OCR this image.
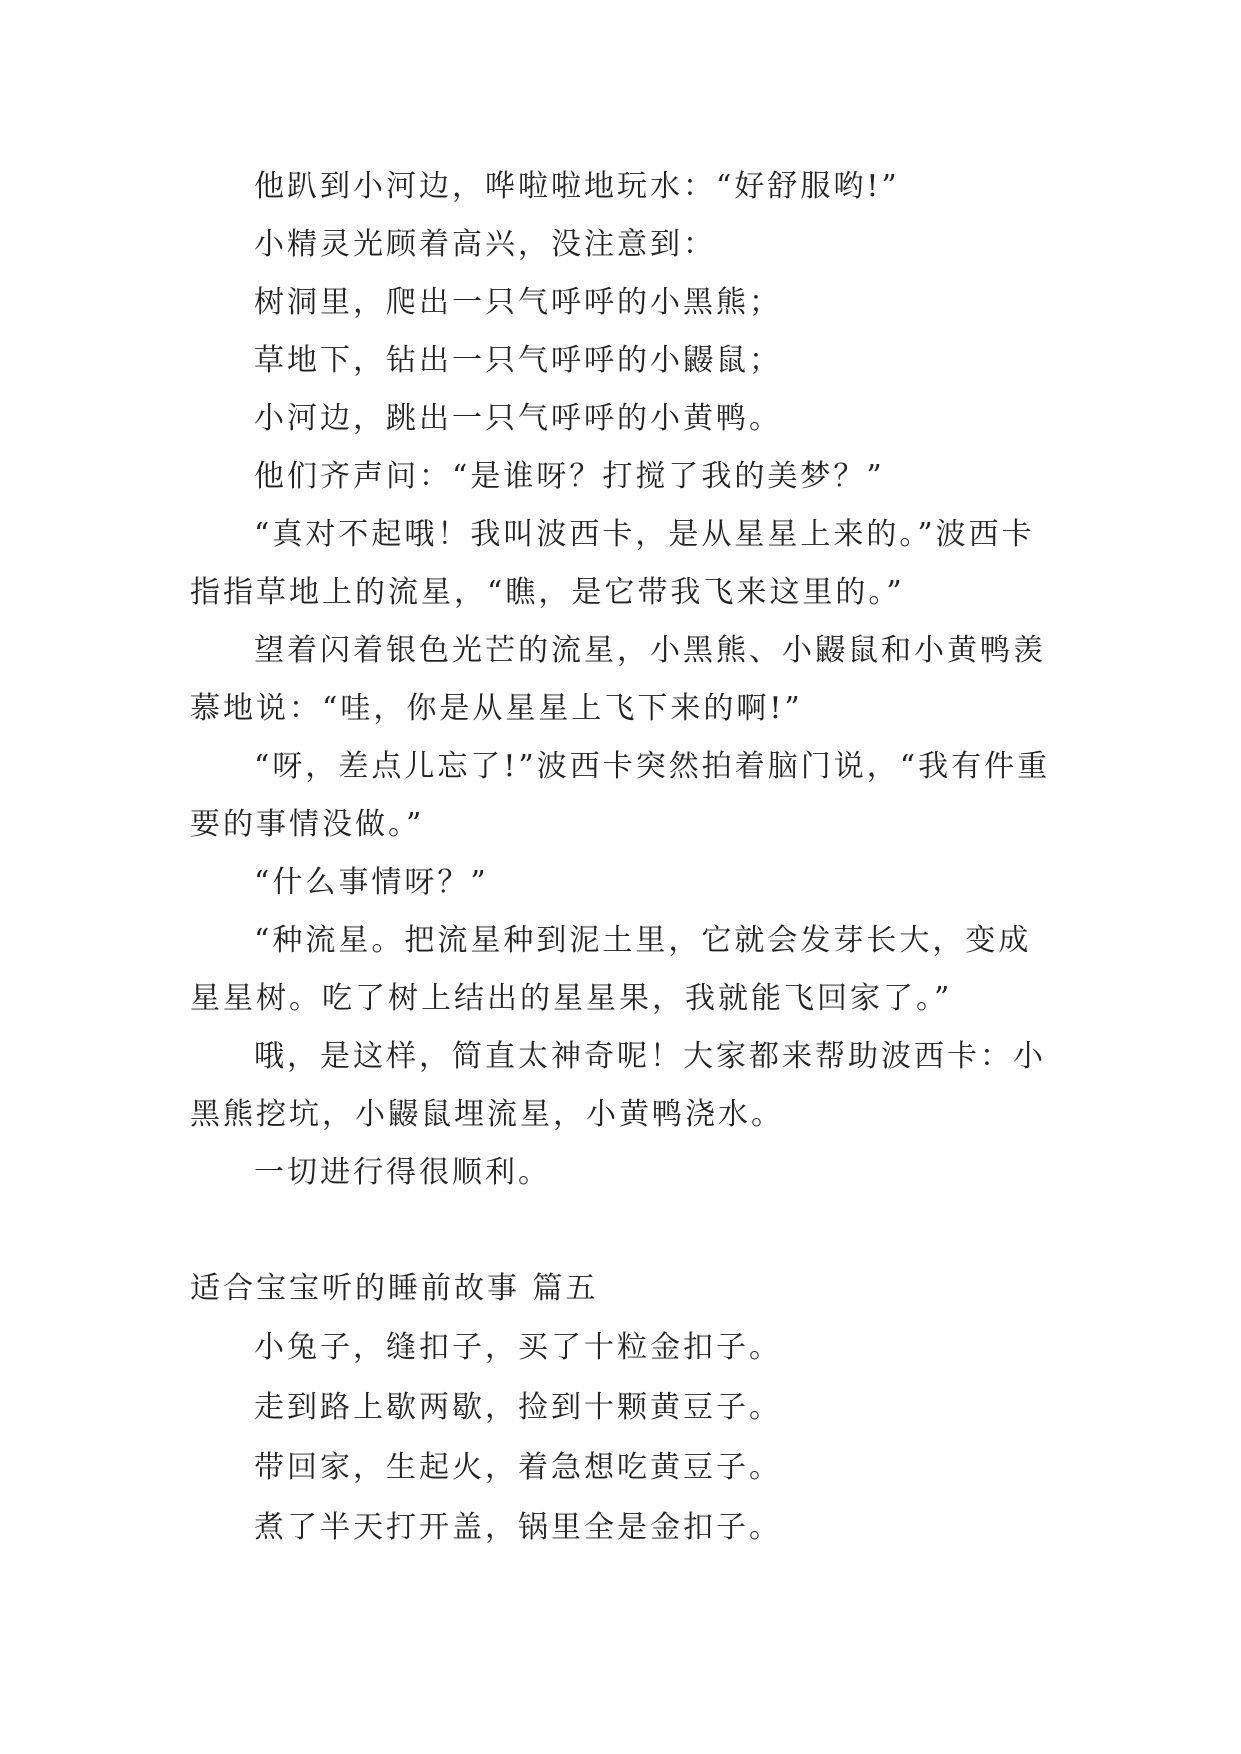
他趴到小河边，哗啦啦地玩水：“好舒服哟!”

小精灵光顾着高兴，没注意到：

树洞里，爬出一只气呼呼的小黑熊；

草地下，钻出一只气呼呼的小鼹鼠；

小河边，跳出一只气呼呼的小黄鸭。

他们齐声问：“是谁呀？打搅了我的美梦？”

“真对不起哦！我叫波西卡，是从星星上来的。”波西卡指指草地上的流星，“瞧，是它带我飞来这里的。”

望着闪着银色光芒的流星，小黑熊、小鼹鼠和小黄鸭羡慕地说：“哇，你是从星星上飞下来的啊!”

“呀，差点儿忘了!”波西卡突然拍着脑门说，“我有件重要的事情没做。”

“什么事情呀？”

“种流星。把流星种到泥土里，它就会发芽长大，变成星星树。吃了树上结出的星星果，我就能飞回家了。”

哦，是这样，简直太神奇呢！大家都来帮助波西卡：小黑熊挖坑，小鼹鼠埋流星，小黄鸭浇水。

一切进行得很顺利。

适合宝宝听的睡前故事 篇五

小兔子，缝扣子，买了十粒金扣子。

走到路上歇两歇，捡到十颗黄豆子。

带回家，生起火，着急想吃黄豆子。

煮了半天打开盖，锅里全是金扣子。
